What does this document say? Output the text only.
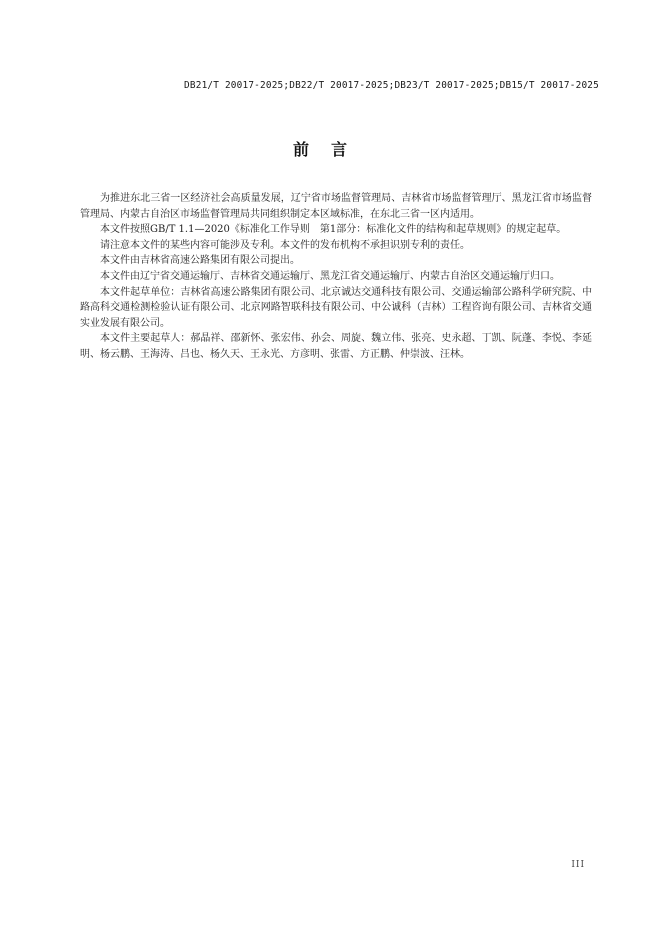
DB21/T 20017-2025;DB22/T 20017-2025;DB23/T 20017-2025;DB15/T 20017-2025
前言

为推进东北三省一区经济社会高质量发展，辽宁省市场监督管理局、吉林省市场监督管理厅、黑龙江省市场监督管理局、内蒙古自治区市场监督管理局共同组织制定本区域标准，在东北三省一区内适用。

本文件按照GB/T 1.1—2020《标准化工作导则　第1部分：标准化文件的结构和起草规则》的规定起草。

请注意本文件的某些内容可能涉及专利。本文件的发布机构不承担识别专利的责任。

本文件由吉林省高速公路集团有限公司提出。

本文件由辽宁省交通运输厅、吉林省交通运输厅、黑龙江省交通运输厅、内蒙古自治区交通运输厅归口。

本文件起草单位：吉林省高速公路集团有限公司、北京诚达交通科技有限公司、交通运输部公路科学研究院、中路高科交通检测检验认证有限公司、北京网路智联科技有限公司、中公诚科（吉林）工程咨询有限公司、吉林省交通实业发展有限公司。

本文件主要起草人：郝晶祥、邵新怀、张宏伟、孙会、周旋、魏立伟、张亮、史永超、丁凯、阮蓬、李悦、李延明、杨云鹏、王海涛、吕也、杨久天、王永光、方彦明、张雷、方正鹏、仲崇波、汪林。

III
